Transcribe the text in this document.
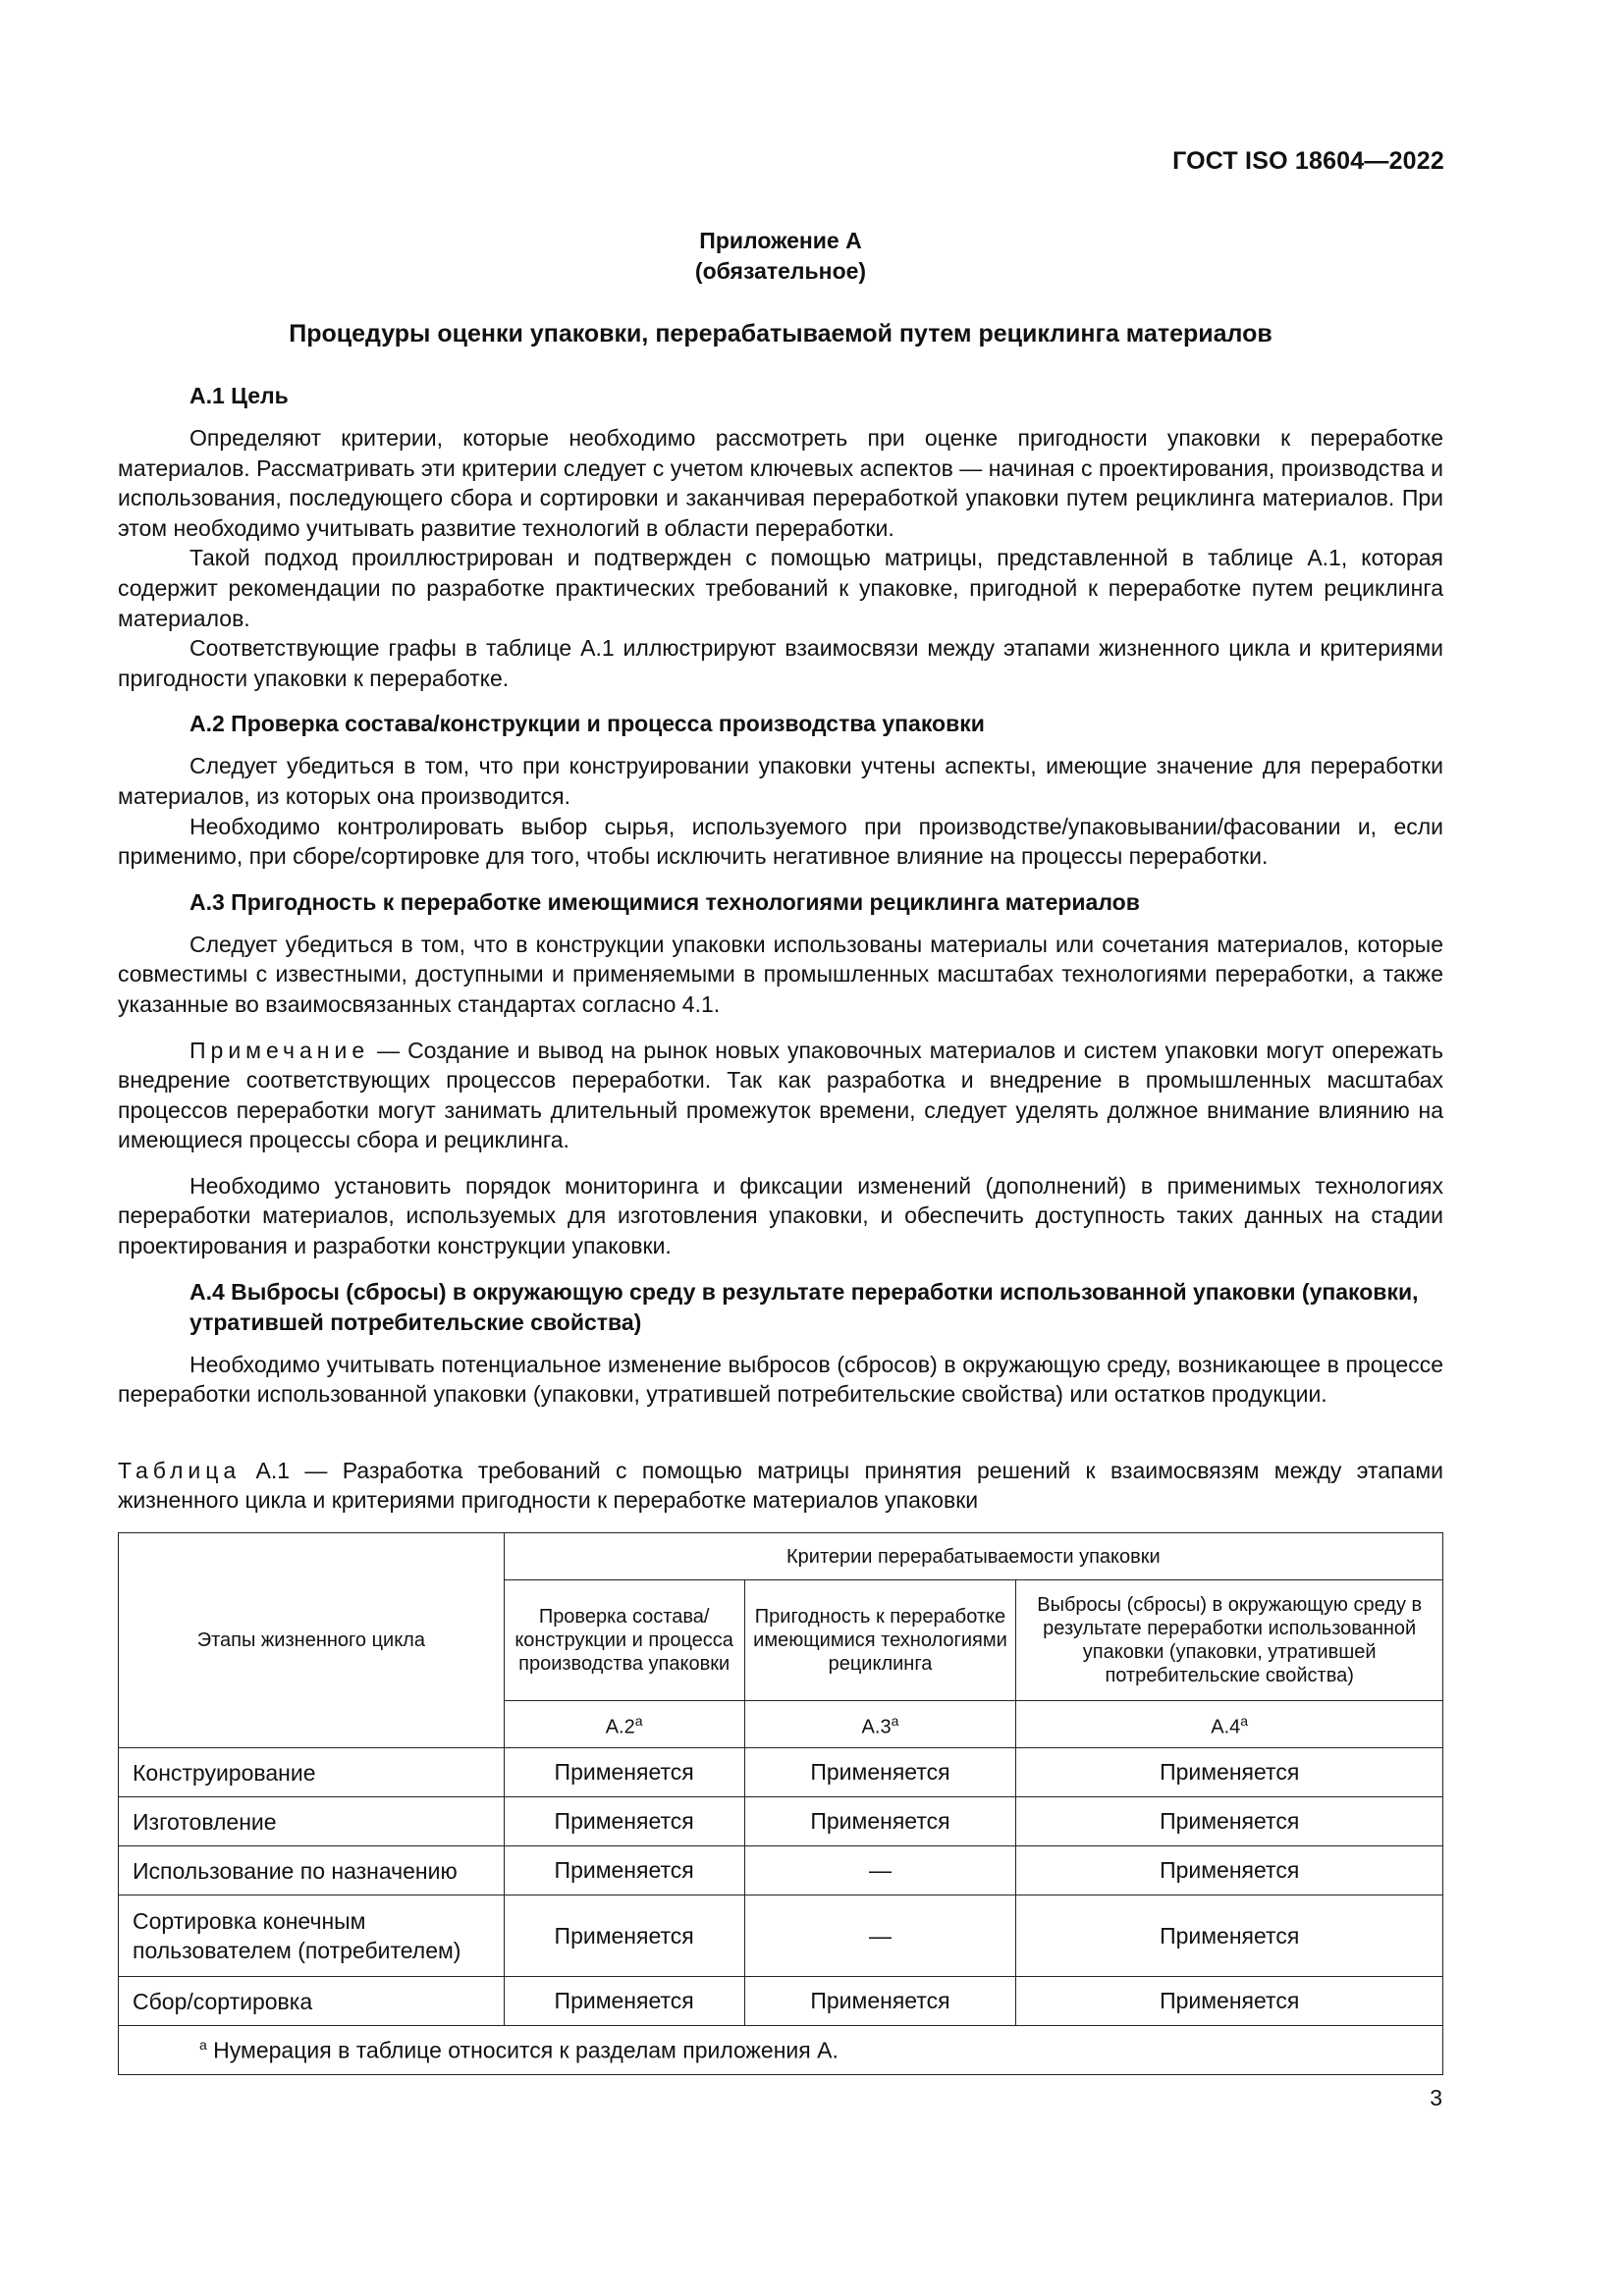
ГОСТ ISO 18604—2022
Приложение А
(обязательное)
Процедуры оценки упаковки, перерабатываемой путем рециклинга материалов
А.1 Цель

Определяют критерии, которые необходимо рассмотреть при оценке пригодности упаковки к переработке материалов. Рассматривать эти критерии следует с учетом ключевых аспектов — начиная с проектирования, производства и использования, последующего сбора и сортировки и заканчивая переработкой упаковки путем рециклинга материалов. При этом необходимо учитывать развитие технологий в области переработки.

Такой подход проиллюстрирован и подтвержден с помощью матрицы, представленной в таблице А.1, которая содержит рекомендации по разработке практических требований к упаковке, пригодной к переработке путем рециклинга материалов.

Соответствующие графы в таблице А.1 иллюстрируют взаимосвязи между этапами жизненного цикла и критериями пригодности упаковки к переработке.

А.2 Проверка состава/конструкции и процесса производства упаковки

Следует убедиться в том, что при конструировании упаковки учтены аспекты, имеющие значение для переработки материалов, из которых она производится.

Необходимо контролировать выбор сырья, используемого при производстве/упаковывании/фасовании и, если применимо, при сборе/сортировке для того, чтобы исключить негативное влияние на процессы переработки.

А.3 Пригодность к переработке имеющимися технологиями рециклинга материалов

Следует убедиться в том, что в конструкции упаковки использованы материалы или сочетания материалов, которые совместимы с известными, доступными и применяемыми в промышленных масштабах технологиями переработки, а также указанные во взаимосвязанных стандартах согласно 4.1.

Примечание — Создание и вывод на рынок новых упаковочных материалов и систем упаковки могут опережать внедрение соответствующих процессов переработки. Так как разработка и внедрение в промышленных масштабах процессов переработки могут занимать длительный промежуток времени, следует уделять должное внимание влиянию на имеющиеся процессы сбора и рециклинга.

Необходимо установить порядок мониторинга и фиксации изменений (дополнений) в применимых технологиях переработки материалов, используемых для изготовления упаковки, и обеспечить доступность таких данных на стадии проектирования и разработки конструкции упаковки.

А.4 Выбросы (сбросы) в окружающую среду в результате переработки использованной упаковки (упаковки, утратившей потребительские свойства)

Необходимо учитывать потенциальное изменение выбросов (сбросов) в окружающую среду, возникающее в процессе переработки использованной упаковки (упаковки, утратившей потребительские свойства) или остатков продукции.

Таблица А.1 — Разработка требований с помощью матрицы принятия решений к взаимосвязям между этапами жизненного цикла и критериями пригодности к переработке материалов упаковки
Этапы жизненного цикла	Критерии перерабатываемости упаковки		
	Проверка состава/ конструкции и процесса производства упаковки	Пригодность к переработке имеющимися технологиями рециклинга	Выбросы (сбросы) в окружающую среду в результате переработки использованной упаковки (упаковки, утратившей потребительские свойства)
	А.2$^a$	А.3$^a$	А.4$^a$
Конструирование	Применяется	Применяется	Применяется
Изготовление	Применяется	Применяется	Применяется
Использование по назначению	Применяется	—	Применяется
Сортировка конечным пользователем (потребителем)	Применяется	—	Применяется
Сбор/сортировка	Применяется	Применяется	Применяется
$^a$ Нумерация в таблице относится к разделам приложения А.			
3
